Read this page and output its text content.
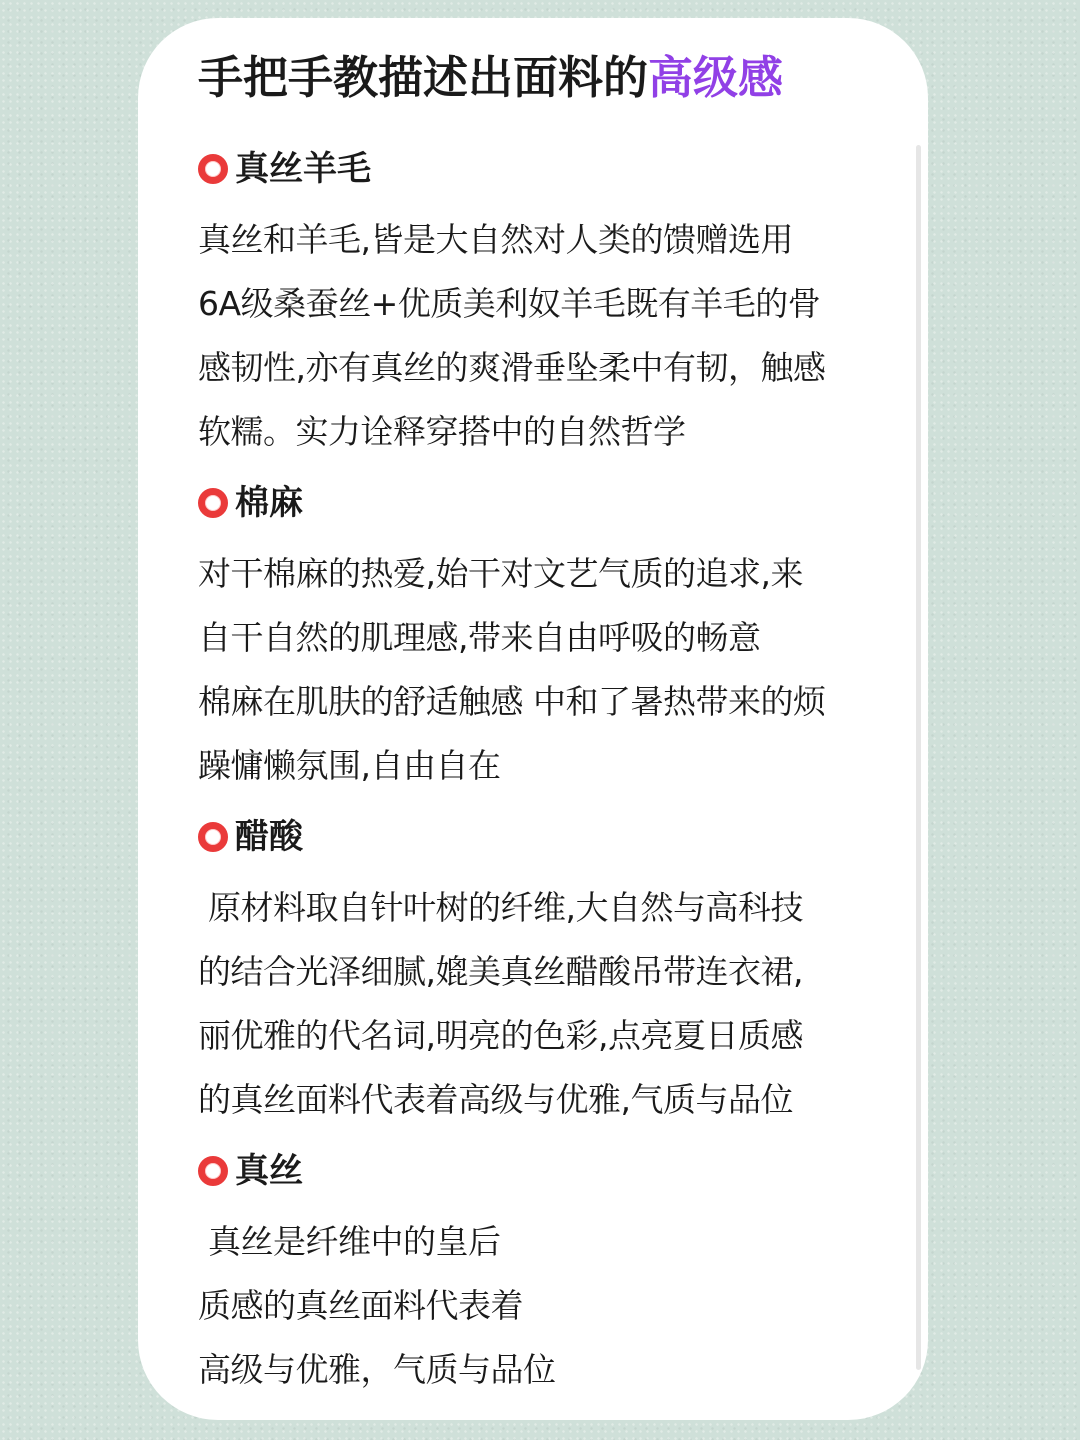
手把手教描述出面料的高级感
真丝羊毛
真丝和羊毛,皆是大自然对人类的馈赠选用
6A级桑蚕丝+优质美利奴羊毛既有羊毛的骨
感韧性,亦有真丝的爽滑垂坠柔中有韧，触感
软糯。实力诠释穿搭中的自然哲学
棉麻
对干棉麻的热爱,始干对文艺气质的追求,来
自干自然的肌理感,带来自由呼吸的畅意
棉麻在肌肤的舒适触感 中和了暑热带来的烦
躁慵懒氛围,自由自在
醋酸
原材料取自针叶树的纤维,大自然与高科技
的结合光泽细腻,媲美真丝醋酸吊带连衣裙,
丽优雅的代名词,明亮的色彩,点亮夏日质感
的真丝面料代表着高级与优雅,气质与品位
真丝
真丝是纤维中的皇后
质感的真丝面料代表着
高级与优雅，气质与品位
